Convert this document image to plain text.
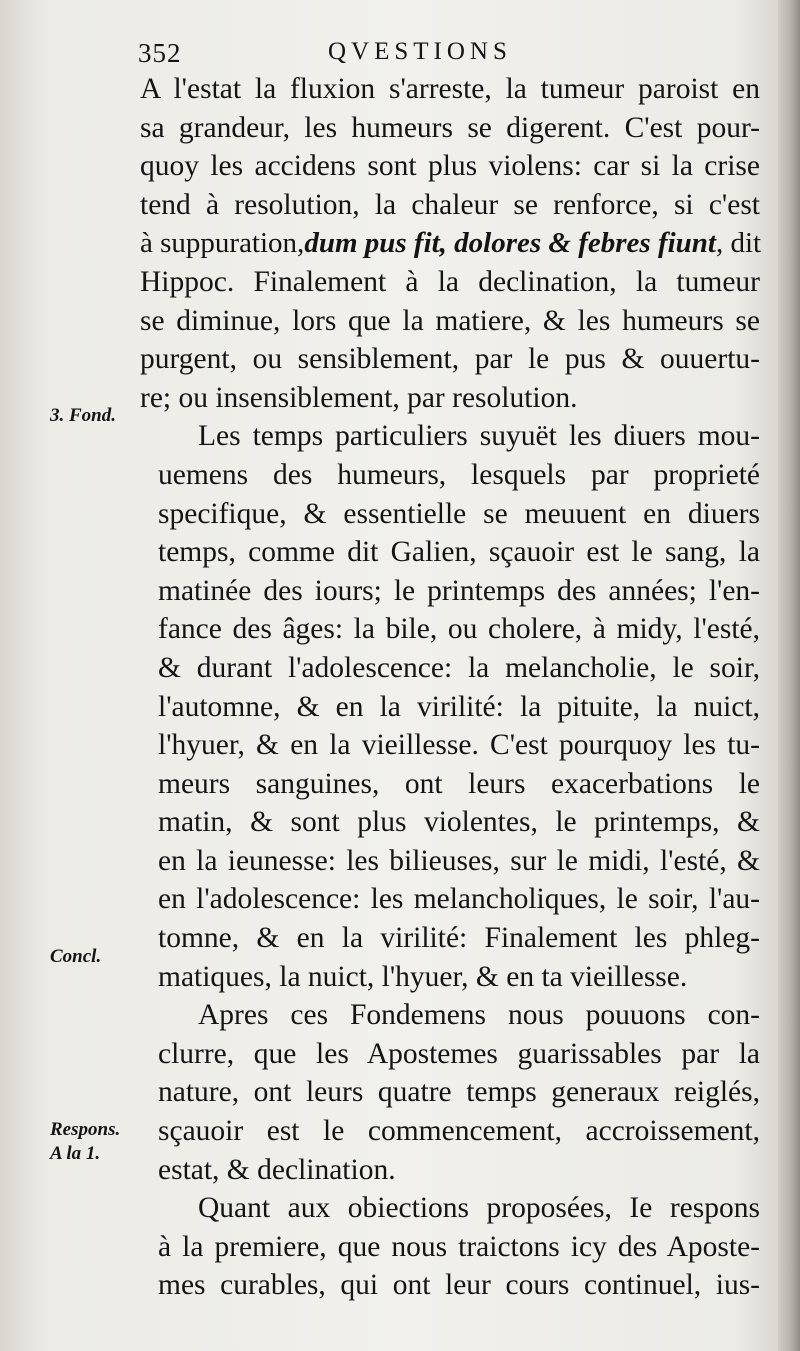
352	QVESTIONS
3. Fond.
Concl.
Respons.
A la 1.
A l'estat la fluxion s'arreste, la tumeur paroist en
sa grandeur, les humeurs se digerent. C'est pour-
quoy les accidens sont plus violens: car si la crise
tend à resolution, la chaleur se renforce, si c'est
à suppuration,dum pus fit, dolores & febres fiunt, dit
Hippoc. Finalement à la declination, la tumeur
se diminue, lors que la matiere, & les humeurs se
purgent, ou sensiblement, par le pus & ouuertu-
re; ou insensiblement, par resolution.
Les temps particuliers suyuët les diuers mou-
uemens des humeurs, lesquels par proprieté
specifique, & essentielle se meuuent en diuers
temps, comme dit Galien, sçauoir est le sang, la
matinée des iours; le printemps des années; l'en-
fance des âges: la bile, ou cholere, à midy, l'esté,
& durant l'adolescence: la melancholie, le soir,
l'automne, & en la virilité: la pituite, la nuict,
l'hyuer, & en la vieillesse. C'est pourquoy les tu-
meurs sanguines, ont leurs exacerbations le
matin, & sont plus violentes, le printemps, &
en la ieunesse: les bilieuses, sur le midi, l'esté, &
en l'adolescence: les melancholiques, le soir, l'au-
tomne, & en la virilité: Finalement les phleg-
matiques, la nuict, l'hyuer, & en ta vieillesse.
Apres ces Fondemens nous pouuons con-
clurre, que les Apostemes guarissables par la
nature, ont leurs quatre temps generaux reiglés,
sçauoir est le commencement, accroissement,
estat, & declination.
Quant aux obiections proposées, Ie respons
à la premiere, que nous traictons icy des Aposte-
mes curables, qui ont leur cours continuel, ius-
